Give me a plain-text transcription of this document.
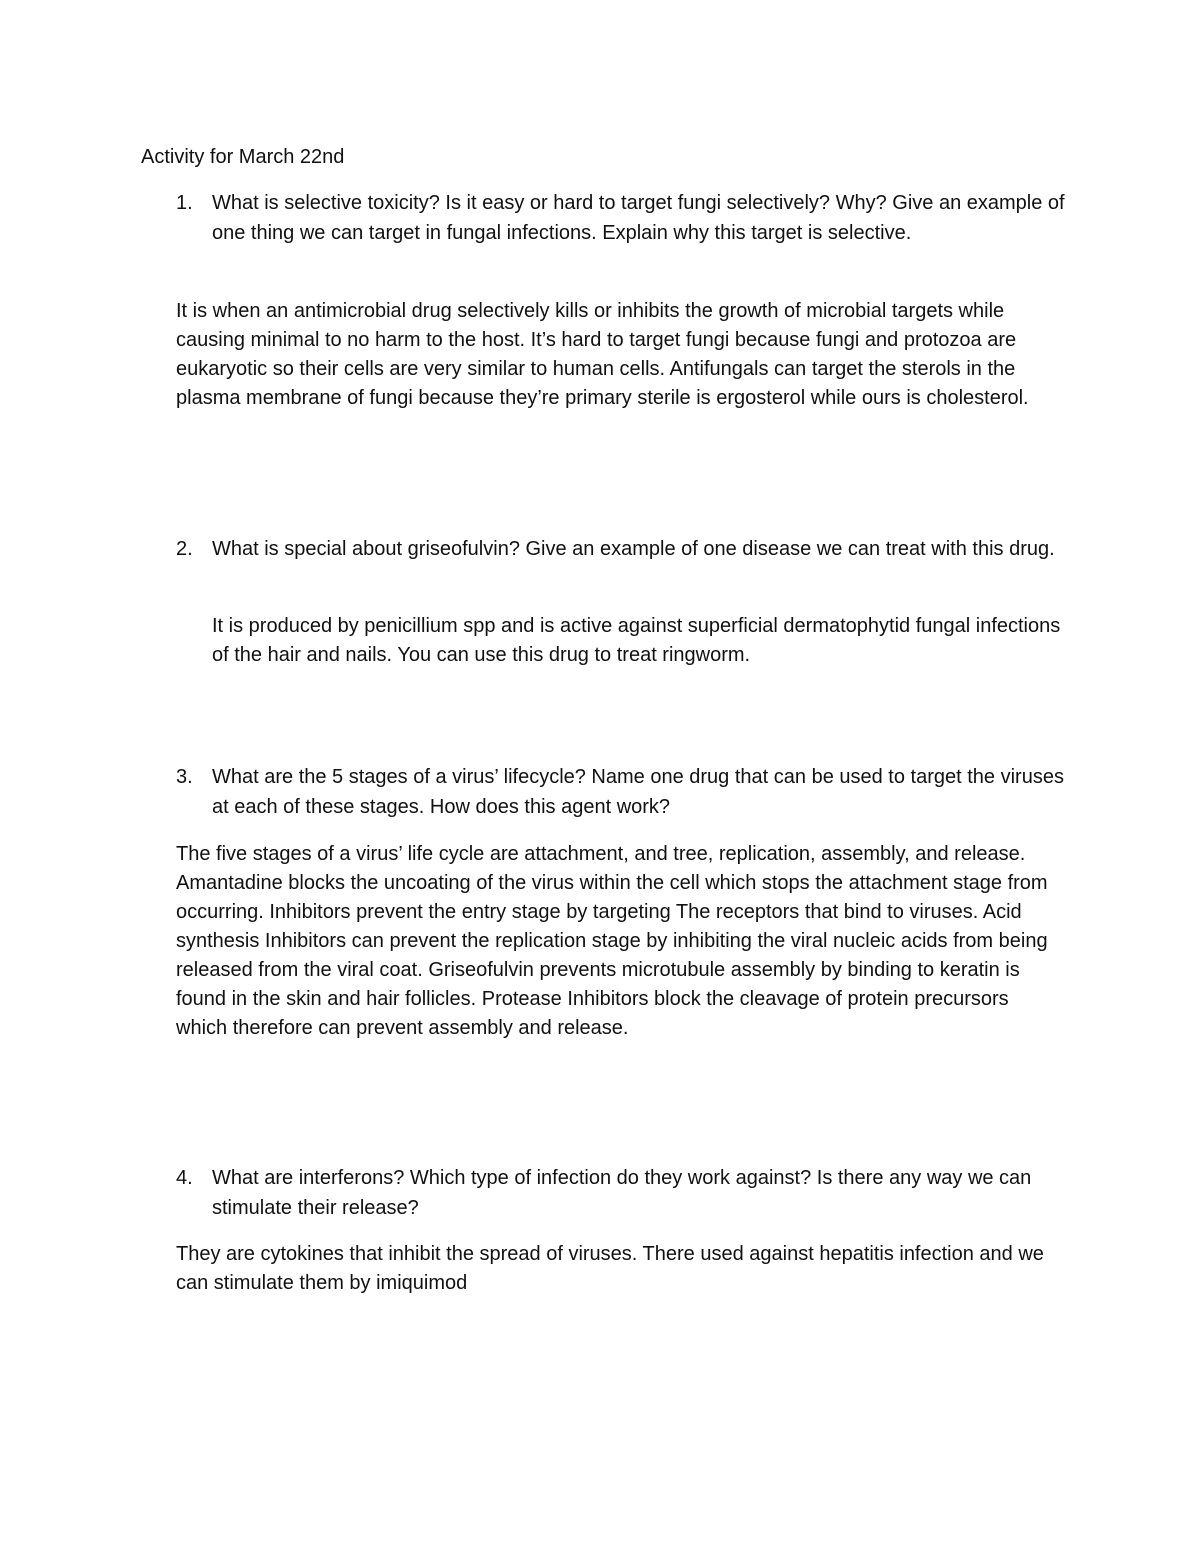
Activity for March 22nd
1. What is selective toxicity? Is it easy or hard to target fungi selectively? Why? Give an example of one thing we can target in fungal infections. Explain why this target is selective.
It is when an antimicrobial drug selectively kills or inhibits the growth of microbial targets while causing minimal to no harm to the host. It’s hard to target fungi because fungi and protozoa are eukaryotic so their cells are very similar to human cells. Antifungals can target the sterols in the plasma membrane of fungi because they’re primary sterile is ergosterol while ours is cholesterol.
2. What is special about griseofulvin? Give an example of one disease we can treat with this drug.
It is produced by penicillium spp and is active against superficial dermatophytid fungal infections of the hair and nails. You can use this drug to treat ringworm.
3. What are the 5 stages of a virus’ lifecycle? Name one drug that can be used to target the viruses at each of these stages. How does this agent work?
The five stages of a virus’ life cycle are attachment, and tree, replication, assembly, and release. Amantadine blocks the uncoating of the virus within the cell which stops the attachment stage from occurring. Inhibitors prevent the entry stage by targeting The receptors that bind to viruses. Acid synthesis Inhibitors can prevent the replication stage by inhibiting the viral nucleic acids from being released from the viral coat. Griseofulvin prevents microtubule assembly by binding to keratin is found in the skin and hair follicles. Protease Inhibitors block the cleavage of protein precursors which therefore can prevent assembly and release.
4. What are interferons? Which type of infection do they work against? Is there any way we can stimulate their release?
They are cytokines that inhibit the spread of viruses. There used against hepatitis infection and we can stimulate them by imiquimod
